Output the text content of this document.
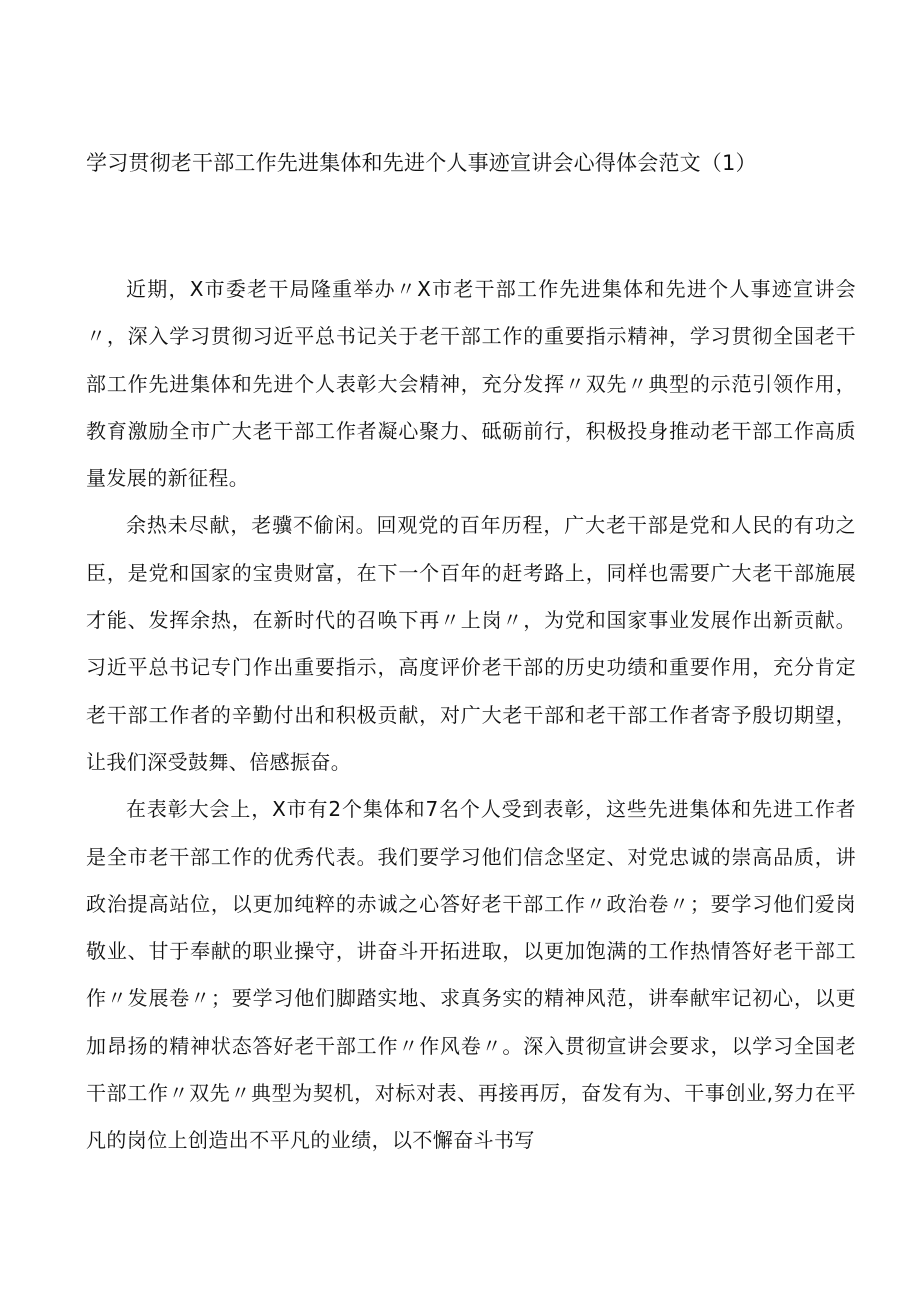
学习贯彻老干部工作先进集体和先进个人事迹宣讲会心得体会范文（1）

近期，X市委老干局隆重举办〃X市老干部工作先进集体和先进个人事迹宣讲会〃，深入学习贯彻习近平总书记关于老干部工作的重要指示精神，学习贯彻全国老干部工作先进集体和先进个人表彰大会精神，充分发挥〃双先〃典型的示范引领作用，教育激励全市广大老干部工作者凝心聚力、砥砺前行，积极投身推动老干部工作高质量发展的新征程。

余热未尽献，老骥不偷闲。回观党的百年历程，广大老干部是党和人民的有功之臣，是党和国家的宝贵财富，在下一个百年的赶考路上，同样也需要广大老干部施展才能、发挥余热，在新时代的召唤下再〃上岗〃，为党和国家事业发展作出新贡献。习近平总书记专门作出重要指示，高度评价老干部的历史功绩和重要作用，充分肯定老干部工作者的辛勤付出和积极贡献，对广大老干部和老干部工作者寄予殷切期望，让我们深受鼓舞、倍感振奋。

在表彰大会上，X市有2个集体和7名个人受到表彰，这些先进集体和先进工作者是全市老干部工作的优秀代表。我们要学习他们信念坚定、对党忠诚的崇高品质，讲政治提高站位，以更加纯粹的赤诚之心答好老干部工作〃政治卷〃；要学习他们爱岗敬业、甘于奉献的职业操守，讲奋斗开拓进取，以更加饱满的工作热情答好老干部工作〃发展卷〃；要学习他们脚踏实地、求真务实的精神风范，讲奉献牢记初心，以更加昂扬的精神状态答好老干部工作〃作风卷〃。深入贯彻宣讲会要求，以学习全国老干部工作〃双先〃典型为契机，对标对表、再接再厉，奋发有为、干事创业,努力在平凡的岗位上创造出不平凡的业绩，以不懈奋斗书写
